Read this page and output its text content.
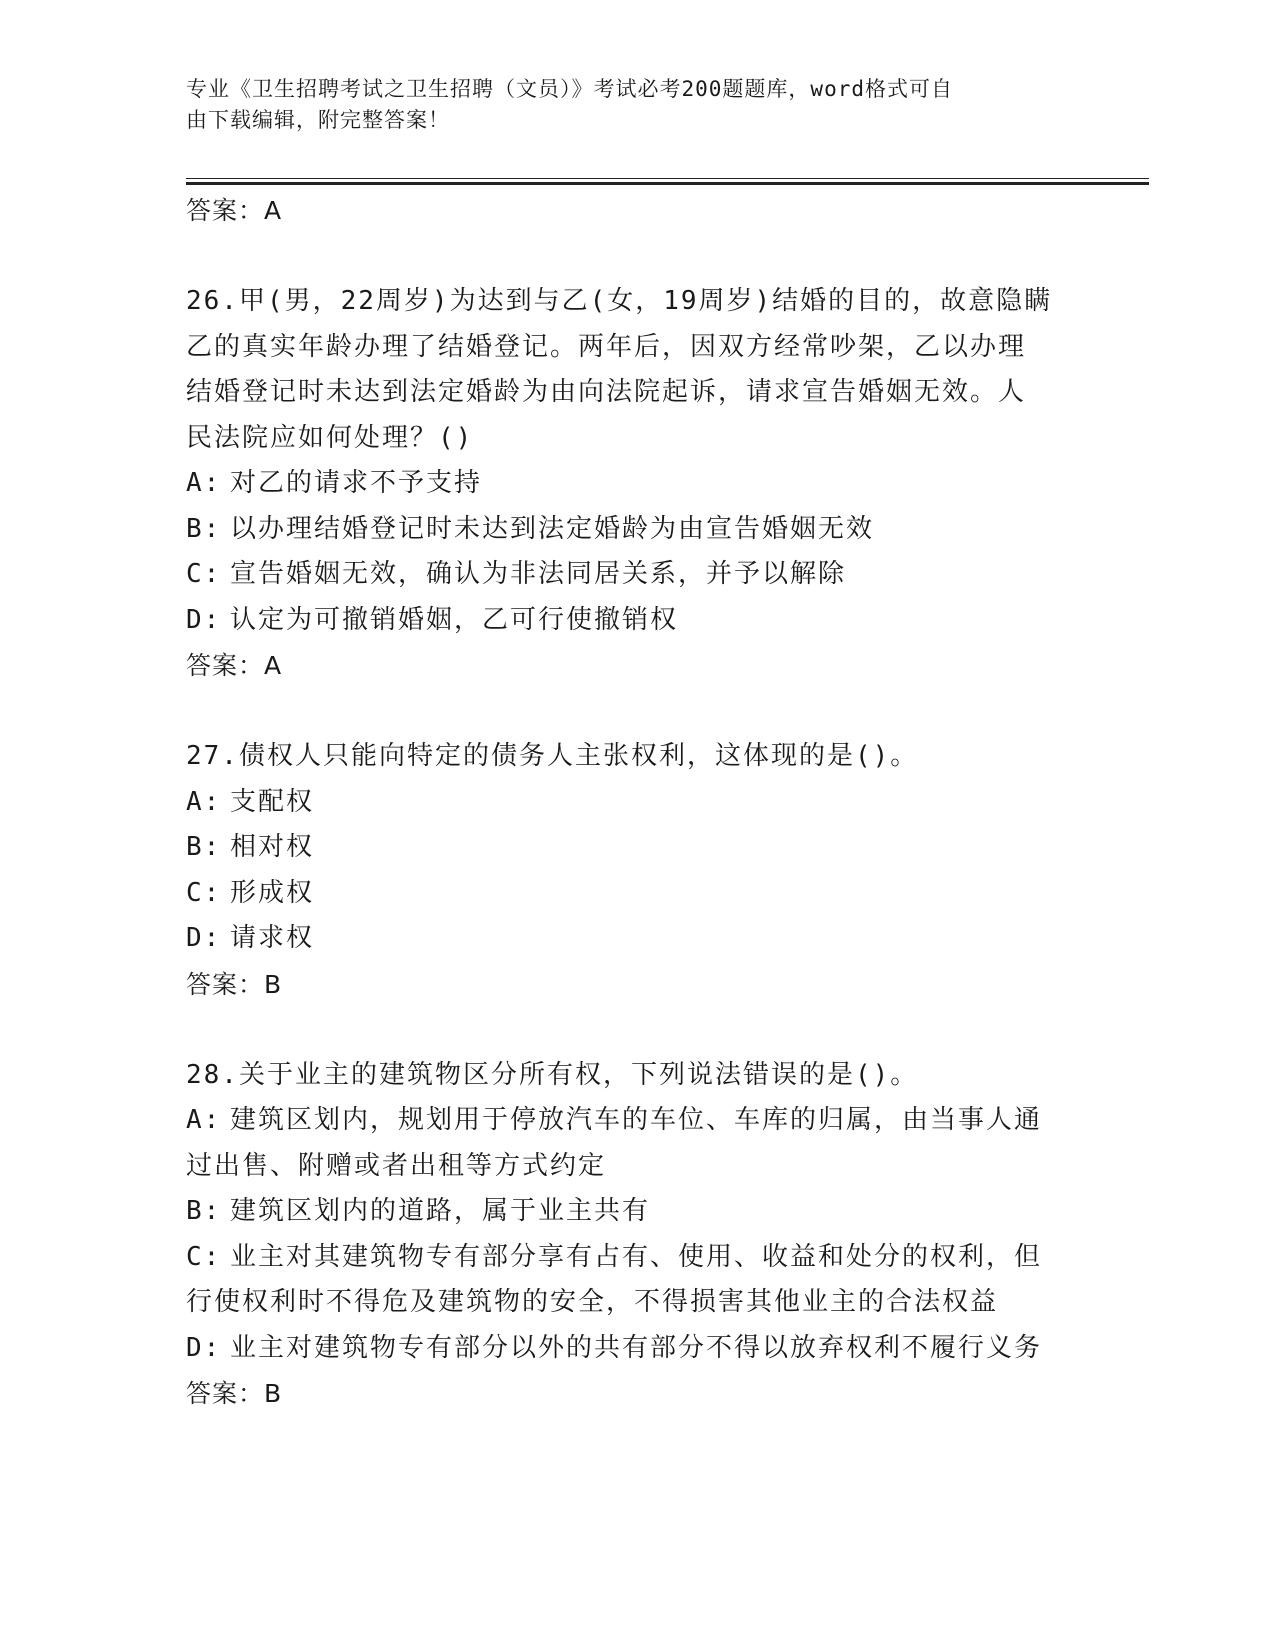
专业《卫生招聘考试之卫生招聘（文员）》考试必考200题题库，word格式可自
由下载编辑，附完整答案！
答案：A
26.甲(男，22周岁)为达到与乙(女，19周岁)结婚的目的，故意隐瞒
乙的真实年龄办理了结婚登记。两年后，因双方经常吵架，乙以办理
结婚登记时未达到法定婚龄为由向法院起诉，请求宣告婚姻无效。人
民法院应如何处理？()
A: 对乙的请求不予支持
B: 以办理结婚登记时未达到法定婚龄为由宣告婚姻无效
C: 宣告婚姻无效，确认为非法同居关系，并予以解除
D: 认定为可撤销婚姻，乙可行使撤销权
答案：A
27.债权人只能向特定的债务人主张权利，这体现的是()。
A: 支配权
B: 相对权
C: 形成权
D: 请求权
答案：B
28.关于业主的建筑物区分所有权，下列说法错误的是()。
A: 建筑区划内，规划用于停放汽车的车位、车库的归属，由当事人通
过出售、附赠或者出租等方式约定
B: 建筑区划内的道路，属于业主共有
C: 业主对其建筑物专有部分享有占有、使用、收益和处分的权利，但
行使权利时不得危及建筑物的安全，不得损害其他业主的合法权益
D: 业主对建筑物专有部分以外的共有部分不得以放弃权利不履行义务
答案：B
